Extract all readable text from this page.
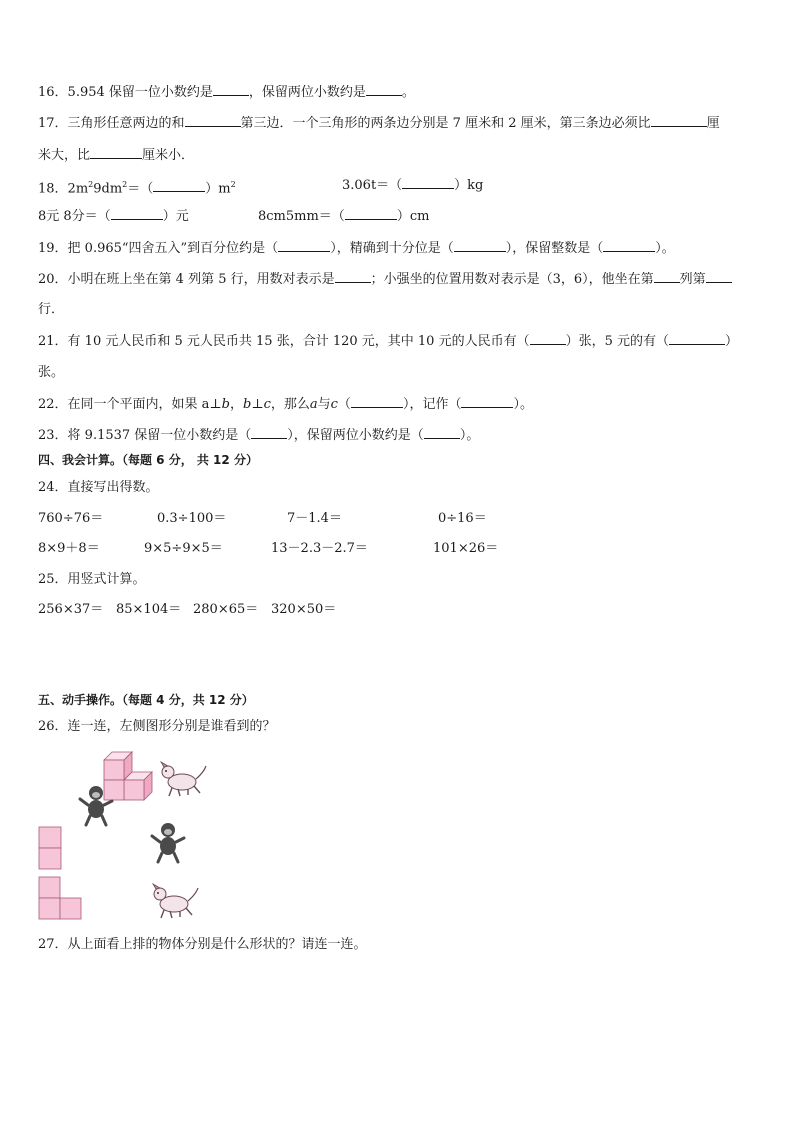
16．5.954 保留一位小数约是	，保留两位小数约是	。
17．三角形任意两边的和	第三边．一个三角形的两条边分别是 7 厘米和 2 厘米，第三条边必须比	厘
米大，比	厘米小．
18．$2m^29dm^2=$（	）$m^2$	3.06t＝（	）kg
8元 8分＝（	）元	8cm5mm＝（	）cm
19．把 0.965“四舍五入”到百分位约是（	），精确到十分位是（	），保留整数是（	）。
20．小明在班上坐在第 4 列第 5 行，用数对表示是	；小强坐的位置用数对表示是（3，6），他坐在第 列第
行．
21．有 10 元人民币和 5 元人民币共 15 张，合计 120 元，其中 10 元的人民币有（	）张，5 元的有（	）
张。
22．在同一个平面内，如果 a⊥b，b⊥c，那么a与c（	），记作（	）。
23．将 9.1537 保留一位小数约是（	），保留两位小数约是（	）。
四、我会计算。（每题 6 分， 共 12 分）
24．直接写出得数。
760÷76＝	0.3÷100＝	7－1.4＝	0÷16＝
8×9＋8＝	9×5÷9×5＝	13－2.3－2.7＝	101×26＝
25．用竖式计算。
256×37＝ 85×104＝ 280×65＝ 320×50＝
五、动手操作。（每题 4 分，共 12 分）
26．连一连，左侧图形分别是谁看到的？
27．从上面看上排的物体分别是什么形状的？请连一连。
